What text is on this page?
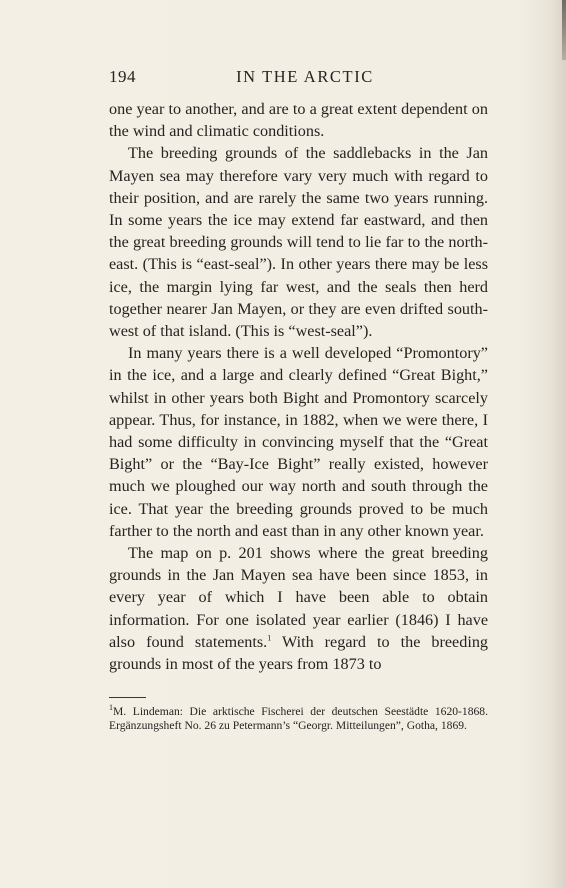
194	IN THE ARCTIC

one year to another, and are to a great extent dependent on the wind and climatic conditions.

The breeding grounds of the saddlebacks in the Jan Mayen sea may therefore vary very much with regard to their position, and are rarely the same two years running. In some years the ice may extend far eastward, and then the great breeding grounds will tend to lie far to the north-east. (This is “east-seal”). In other years there may be less ice, the margin lying far west, and the seals then herd together nearer Jan Mayen, or they are even drifted south-west of that island. (This is “west-seal”).

In many years there is a well developed “Promontory” in the ice, and a large and clearly defined “Great Bight,” whilst in other years both Bight and Promontory scarcely appear. Thus, for instance, in 1882, when we were there, I had some difficulty in convincing myself that the “Great Bight” or the “Bay-Ice Bight” really existed, however much we ploughed our way north and south through the ice. That year the breeding grounds proved to be much farther to the north and east than in any other known year.

The map on p. 201 shows where the great breeding grounds in the Jan Mayen sea have been since 1853, in every year of which I have been able to obtain information. For one isolated year earlier (1846) I have also found statements.$^1$ With regard to the breeding grounds in most of the years from 1873 to

$^1$M. Lindeman: Die arktische Fischerei der deutschen Seestädte 1620-1868. Ergänzungsheft No. 26 zu Petermann’s “Georgr. Mitteilungen”, Gotha, 1869.
